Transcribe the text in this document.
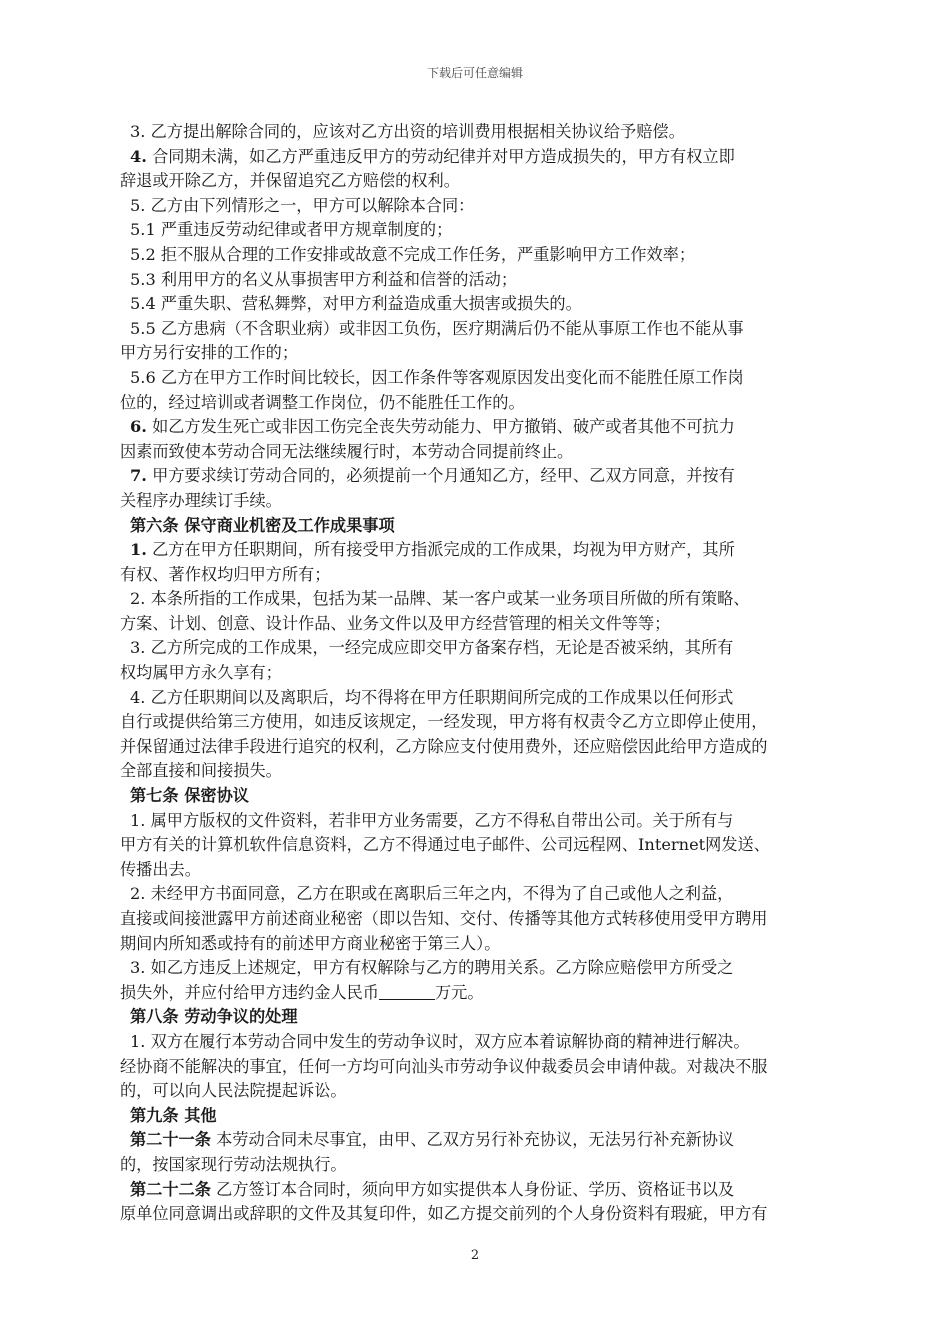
下载后可任意编辑
3. 乙方提出解除合同的，应该对乙方出资的培训费用根据相关协议给予赔偿。
4. 合同期未满，如乙方严重违反甲方的劳动纪律并对甲方造成损失的，甲方有权立即
辞退或开除乙方，并保留追究乙方赔偿的权利。
5. 乙方由下列情形之一，甲方可以解除本合同：
5.1 严重违反劳动纪律或者甲方规章制度的；
5.2 拒不服从合理的工作安排或故意不完成工作任务，严重影响甲方工作效率；
5.3 利用甲方的名义从事损害甲方利益和信誉的活动；
5.4 严重失职、营私舞弊，对甲方利益造成重大损害或损失的。
5.5 乙方患病（不含职业病）或非因工负伤，医疗期满后仍不能从事原工作也不能从事
甲方另行安排的工作的；
5.6 乙方在甲方工作时间比较长，因工作条件等客观原因发出变化而不能胜任原工作岗
位的，经过培训或者调整工作岗位，仍不能胜任工作的。
6. 如乙方发生死亡或非因工伤完全丧失劳动能力、甲方撤销、破产或者其他不可抗力
因素而致使本劳动合同无法继续履行时，本劳动合同提前终止。
7. 甲方要求续订劳动合同的，必须提前一个月通知乙方，经甲、乙双方同意，并按有
关程序办理续订手续。
第六条 保守商业机密及工作成果事项
1. 乙方在甲方任职期间，所有接受甲方指派完成的工作成果，均视为甲方财产，其所
有权、著作权均归甲方所有；
2. 本条所指的工作成果，包括为某一品牌、某一客户或某一业务项目所做的所有策略、
方案、计划、创意、设计作品、业务文件以及甲方经营管理的相关文件等等；
3. 乙方所完成的工作成果，一经完成应即交甲方备案存档，无论是否被采纳，其所有
权均属甲方永久享有；
4. 乙方任职期间以及离职后，均不得将在甲方任职期间所完成的工作成果以任何形式
自行或提供给第三方使用，如违反该规定，一经发现，甲方将有权责令乙方立即停止使用，
并保留通过法律手段进行追究的权利，乙方除应支付使用费外，还应赔偿因此给甲方造成的
全部直接和间接损失。
第七条 保密协议
1. 属甲方版权的文件资料，若非甲方业务需要，乙方不得私自带出公司。关于所有与
甲方有关的计算机软件信息资料，乙方不得通过电子邮件、公司远程网、Internet网发送、
传播出去。
2. 未经甲方书面同意，乙方在职或在离职后三年之内，不得为了自己或他人之利益，
直接或间接泄露甲方前述商业秘密（即以告知、交付、传播等其他方式转移使用受甲方聘用
期间内所知悉或持有的前述甲方商业秘密于第三人）。
3. 如乙方违反上述规定，甲方有权解除与乙方的聘用关系。乙方除应赔偿甲方所受之
损失外，并应付给甲方违约金人民币	万元。
第八条 劳动争议的处理
1. 双方在履行本劳动合同中发生的劳动争议时，双方应本着谅解协商的精神进行解决。
经协商不能解决的事宜，任何一方均可向汕头市劳动争议仲裁委员会申请仲裁。对裁决不服
的，可以向人民法院提起诉讼。
第九条 其他
第二十一条 本劳动合同未尽事宜，由甲、乙双方另行补充协议，无法另行补充新协议
的，按国家现行劳动法规执行。
第二十二条 乙方签订本合同时，须向甲方如实提供本人身份证、学历、资格证书以及
原单位同意调出或辞职的文件及其复印件，如乙方提交前列的个人身份资料有瑕疵，甲方有
2
